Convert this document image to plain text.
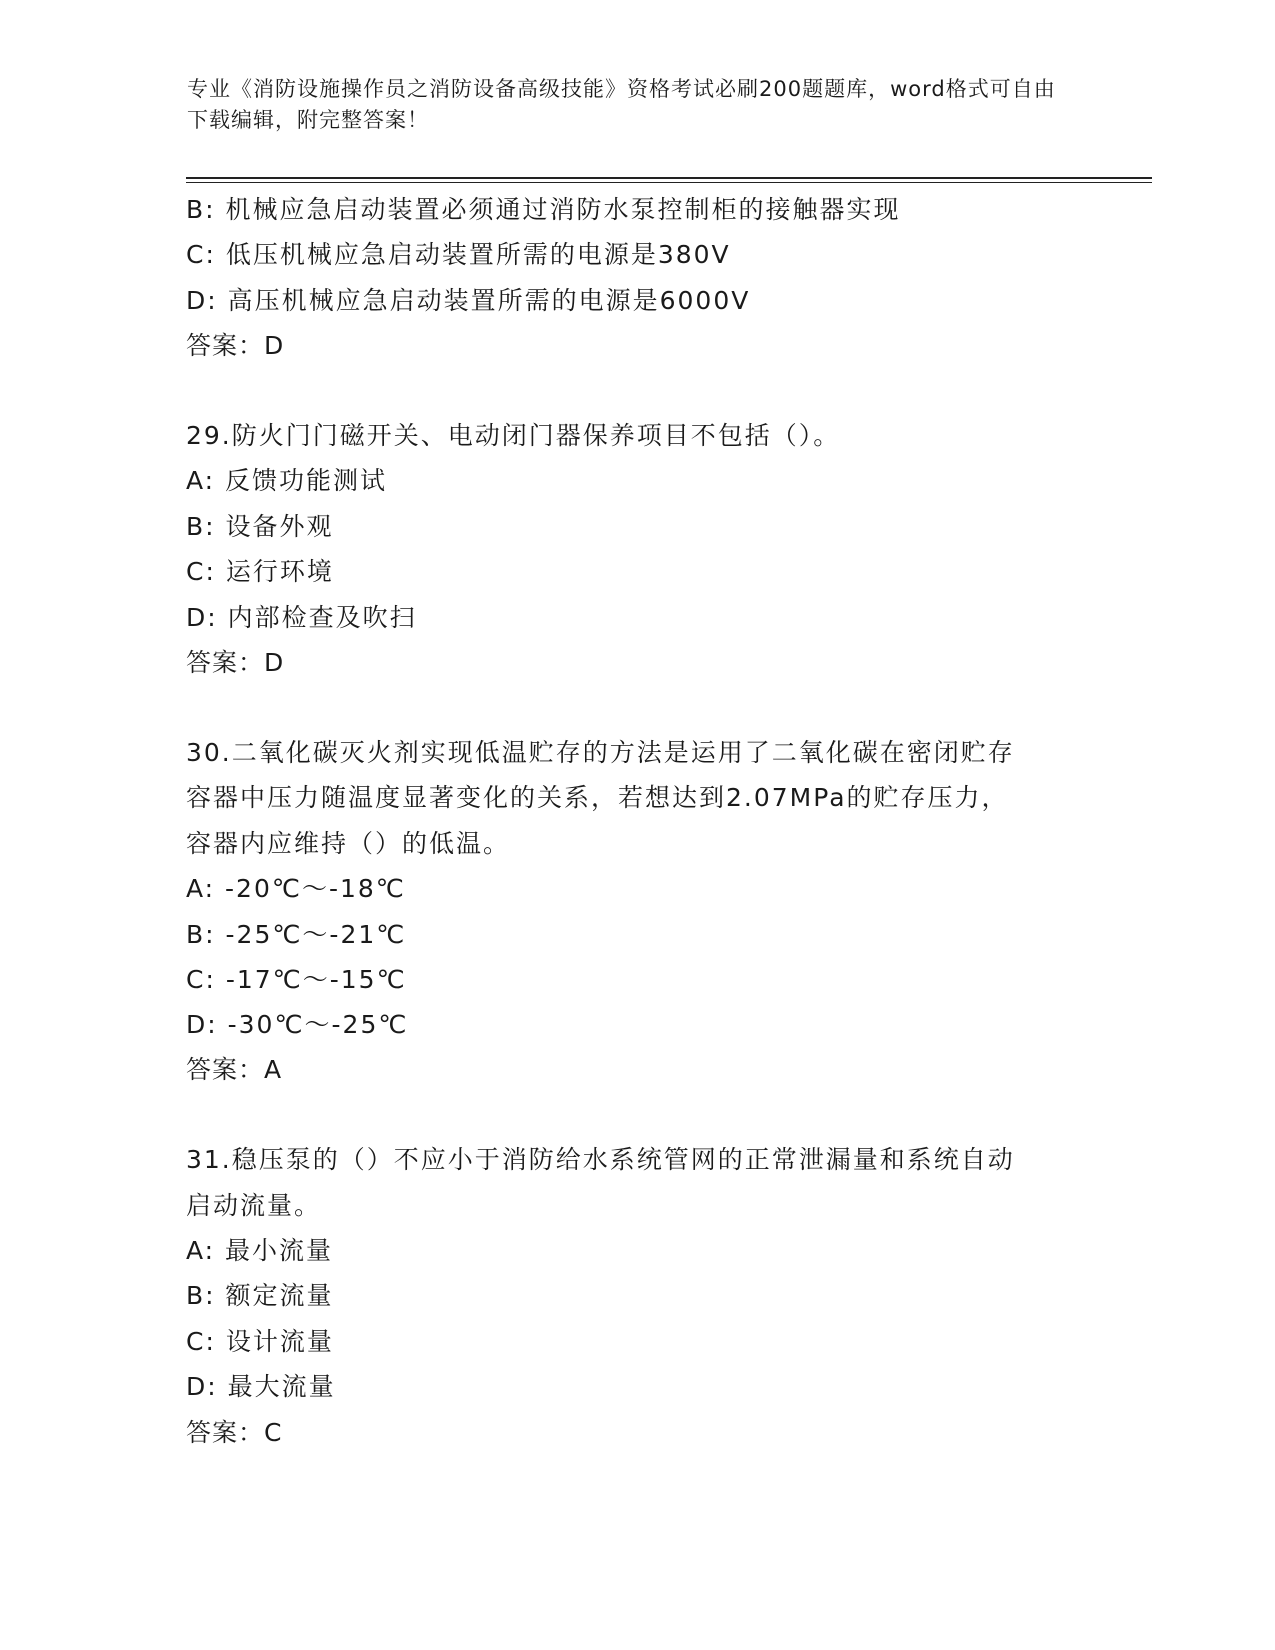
专业《消防设施操作员之消防设备高级技能》资格考试必刷200题题库，word格式可自由下载编辑，附完整答案！
B: 机械应急启动装置必须通过消防水泵控制柜的接触器实现
C: 低压机械应急启动装置所需的电源是380V
D: 高压机械应急启动装置所需的电源是6000V
答案：D
29.防火门门磁开关、电动闭门器保养项目不包括（）。
A: 反馈功能测试
B: 设备外观
C: 运行环境
D: 内部检查及吹扫
答案：D
30.二氧化碳灭火剂实现低温贮存的方法是运用了二氧化碳在密闭贮存
容器中压力随温度显著变化的关系，若想达到2.07MPa的贮存压力，
容器内应维持（）的低温。
A: -20℃～-18℃
B: -25℃～-21℃
C: -17℃～-15℃
D: -30℃～-25℃
答案：A
31.稳压泵的（）不应小于消防给水系统管网的正常泄漏量和系统自动
启动流量。
A: 最小流量
B: 额定流量
C: 设计流量
D: 最大流量
答案：C
